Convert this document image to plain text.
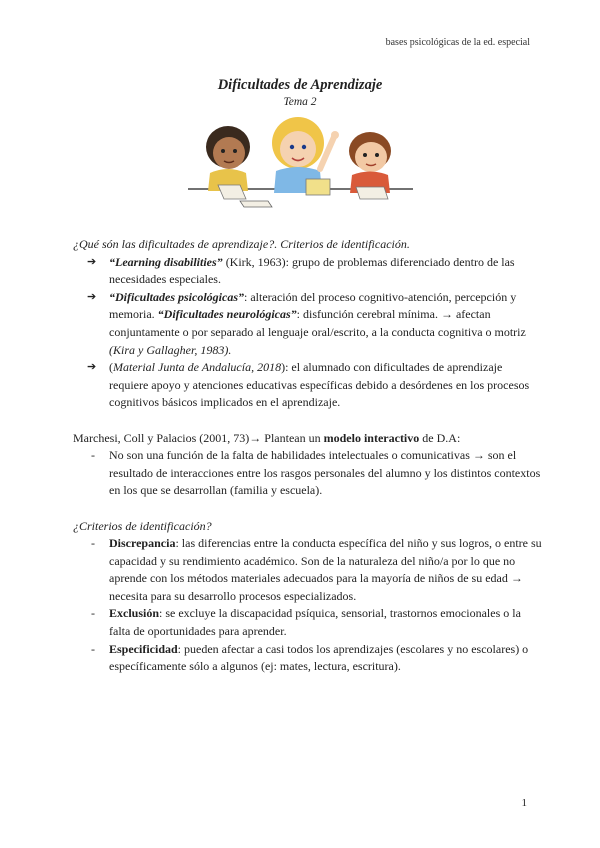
bases psicológicas de la ed. especial
Dificultades de Aprendizaje
Tema 2

¿Qué són las dificultades de aprendizaje?. Criterios de identificación.

➔ “Learning disabilities” (Kirk, 1963): grupo de problemas diferenciado dentro de las necesidades especiales.
➔ “Dificultades psicológicas”: alteración del proceso cognitivo-atención, percepción y memoria. “Dificultades neurológicas”: disfunción cerebral mínima. → afectan conjuntamente o por separado al lenguaje oral/escrito, a la conducta cognitiva o motriz (Kira y Gallagher, 1983).
➔ (Material Junta de Andalucía, 2018): el alumnado con dificultades de aprendizaje requiere apoyo y atenciones educativas específicas debido a desórdenes en los procesos cognitivos básicos implicados en el aprendizaje.

Marchesi, Coll y Palacios (2001, 73)→ Plantean un modelo interactivo de D.A:

- No son una función de la falta de habilidades intelectuales o comunicativas → son el resultado de interacciones entre los rasgos personales del alumno y los distintos contextos en los que se desarrollan (familia y escuela).

¿Criterios de identificación?

- Discrepancia: las diferencias entre la conducta específica del niño y sus logros, o entre su capacidad y su rendimiento académico. Son de la naturaleza del niño/a por lo que no aprende con los métodos materiales adecuados para la mayoría de niños de su edad → necesita para su desarrollo procesos especializados.
- Exclusión: se excluye la discapacidad psíquica, sensorial, trastornos emocionales o la falta de oportunidades para aprender.
- Especificidad: pueden afectar a casi todos los aprendizajes (escolares y no escolares) o específicamente sólo a algunos (ej: mates, lectura, escritura).
1
